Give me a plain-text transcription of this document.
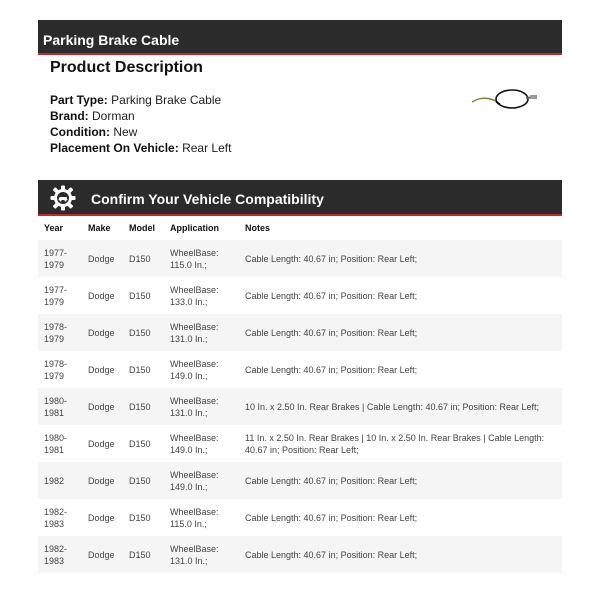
Parking Brake Cable
Product Description
Part Type: Parking Brake Cable
Brand: Dorman
Condition: New
Placement On Vehicle: Rear Left
Confirm Your Vehicle Compatibility
Year	Make	Model	Application	Notes
1977-1979	Dodge	D150	WheelBase: 115.0 In.;	Cable Length: 40.67 in; Position: Rear Left;
1977-1979	Dodge	D150	WheelBase: 133.0 In.;	Cable Length: 40.67 in; Position: Rear Left;
1978-1979	Dodge	D150	WheelBase: 131.0 In.;	Cable Length: 40.67 in; Position: Rear Left;
1978-1979	Dodge	D150	WheelBase: 149.0 In.;	Cable Length: 40.67 in; Position: Rear Left;
1980-1981	Dodge	D150	WheelBase: 131.0 In.;	10 In. x 2.50 In. Rear Brakes | Cable Length: 40.67 in; Position: Rear Left;
1980-1981	Dodge	D150	WheelBase: 149.0 In.;	11 In. x 2.50 In. Rear Brakes | 10 In. x 2.50 In. Rear Brakes | Cable Length: 40.67 in; Position: Rear Left;
1982	Dodge	D150	WheelBase: 149.0 In.;	Cable Length: 40.67 in; Position: Rear Left;
1982-1983	Dodge	D150	WheelBase: 115.0 In.;	Cable Length: 40.67 in; Position: Rear Left;
1982-1983	Dodge	D150	WheelBase: 131.0 In.;	Cable Length: 40.67 in; Position: Rear Left;
